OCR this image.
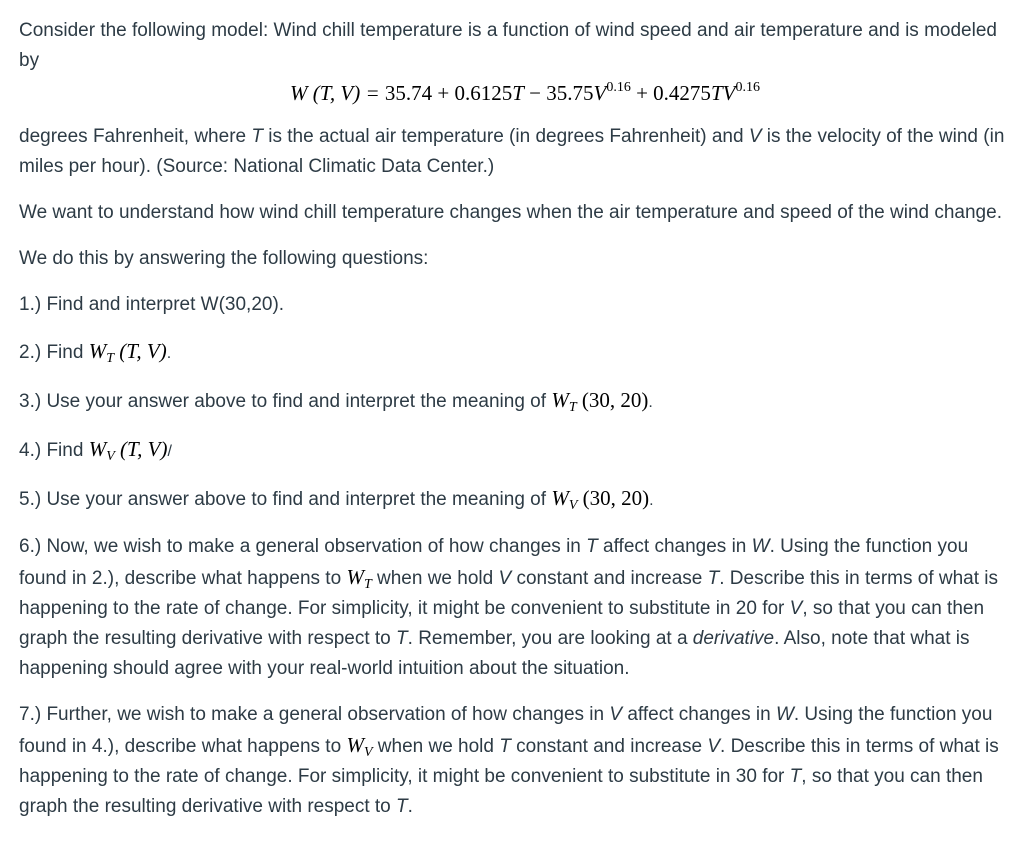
Consider the following model: Wind chill temperature is a function of wind speed and air temperature and is modeled by

W (T, $V) = 35.74 + 0.6125T - 35.75V^{0.16} + 0.4275TV^{0.16}$

degrees Fahrenheit, where T is the actual air temperature (in degrees Fahrenheit) and V is the velocity of the wind (in miles per hour). (Source: National Climatic Data Center.)

We want to understand how wind chill temperature changes when the air temperature and speed of the wind change.

We do this by answering the following questions:

1.) Find and interpret W(30,20).

2.) Find $W_T$ (T, V).

3.) Use your answer above to find and interpret the meaning of $W_T$ (30, 20).

4.) Find $W_V$ (T, V)/

5.) Use your answer above to find and interpret the meaning of $W_V$ (30, 20).

6.) Now, we wish to make a general observation of how changes in T affect changes in W. Using the function you found in 2.), describe what happens to $W_T$ when we hold V constant and increase T. Describe this in terms of what is happening to the rate of change. For simplicity, it might be convenient to substitute in 20 for V, so that you can then graph the resulting derivative with respect to T. Remember, you are looking at a derivative. Also, note that what is happening should agree with your real-world intuition about the situation.

7.) Further, we wish to make a general observation of how changes in V affect changes in W. Using the function you found in 4.), describe what happens to $W_V$ when we hold T constant and increase V. Describe this in terms of what is happening to the rate of change. For simplicity, it might be convenient to substitute in 30 for T, so that you can then graph the resulting derivative with respect to T.
